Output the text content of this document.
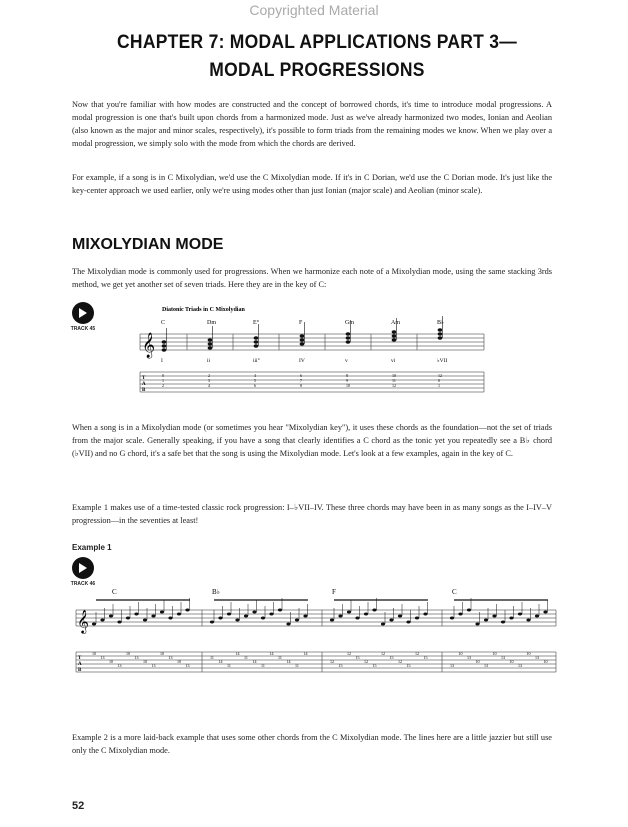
Copyrighted Material
CHAPTER 7: MODAL APPLICATIONS PART 3—
MODAL PROGRESSIONS

Now that you're familiar with how modes are constructed and the concept of borrowed chords, it's time to introduce modal progressions. A modal progression is one that's built upon chords from a harmonized mode. Just as we've already harmonized two modes, Ionian and Aeolian (also known as the major and minor scales, respectively), it's possible to form triads from the remaining modes we know. When we play over a modal progression, we simply solo with the mode from which the chords are derived.

For example, if a song is in C Mixolydian, we'd use the C Mixolydian mode. If it's in C Dorian, we'd use the C Dorian mode. It's just like the key-center approach we used earlier, only we're using modes other than just Ionian (major scale) and Aeolian (minor scale).

MIXOLYDIAN MODE

The Mixolydian mode is commonly used for progressions. When we harmonize each note of a Mixolydian mode, using the same stacking 3rds method, we get yet another set of seven triads. Here they are in the key of C:

TRACK 45
Diatonic Triads in C Mixolydian
𝄞
T
A
B
C
I
0
1
2
Dm
ii
2
3
4
E°
iii°
4
5
6
F
IV
6
7
8
Gm
v
8
9
10
Am
vi
10
11
12
B♭
♭VII
12
0
1

When a song is in a Mixolydian mode (or sometimes you hear "Mixolydian key"), it uses these chords as the foundation—not the set of triads from the major scale. Generally speaking, if you have a song that clearly identifies a C chord as the tonic yet you repeatedly see a B♭ chord (♭VII) and no G chord, it's a safe bet that the song is using the Mixolydian mode. Let's look at a few examples, again in the key of C.

Example 1 makes use of a time-tested classic rock progression: I–♭VII–IV. These three chords may have been in as many songs as the I–IV–V progression—in the seventies at least!

Example 1
TRACK 46
𝄞
T
A
B
C	B♭	F	C
10
13
10
13
10
13
10
13
10
13
10
13
11
14
11
14
11
14
11
14
11
14
11
14
12
15
12
15
12
15
12
15
12
15
12
15
13
10
13
10
13
10
13
10
13
10
13
10

Example 2 is a more laid-back example that uses some other chords from the C Mixolydian mode. The lines here are a little jazzier but still use only the C Mixolydian mode.

52
